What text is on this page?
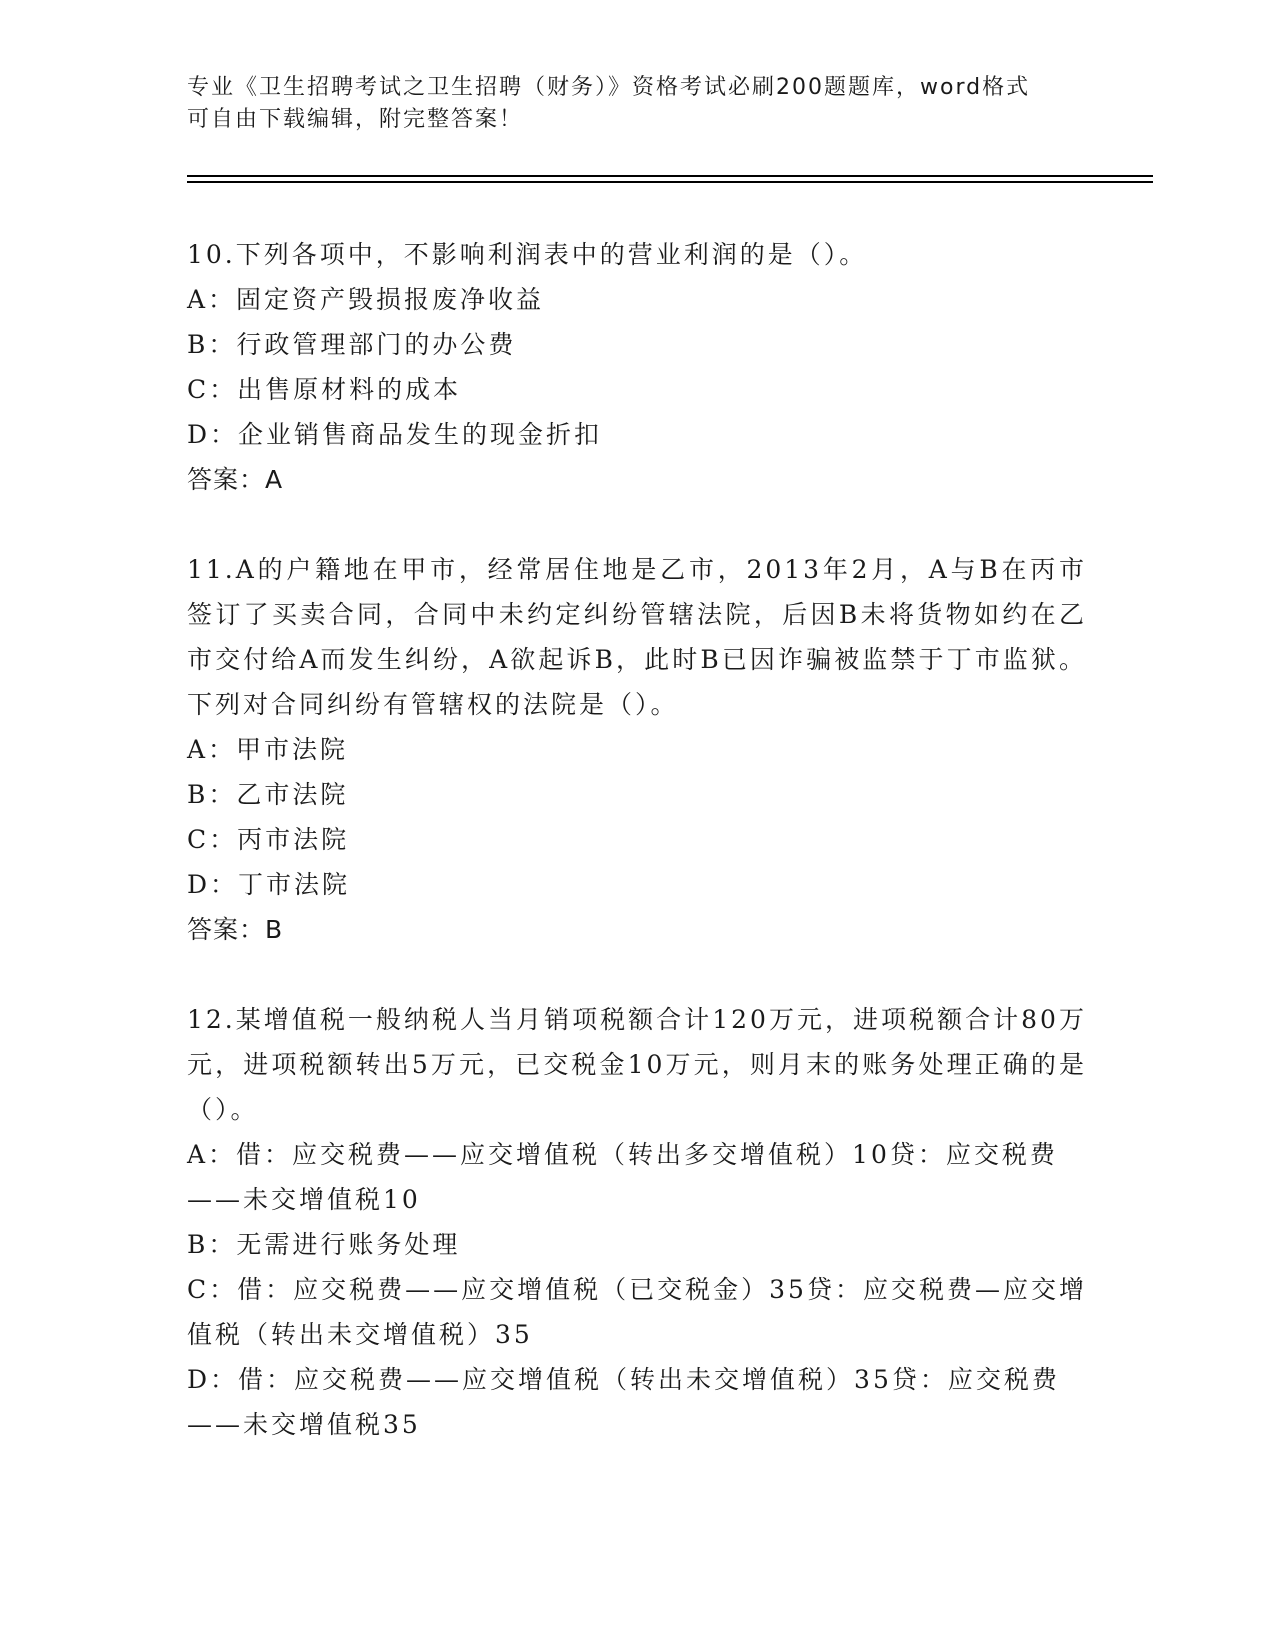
专业《卫生招聘考试之卫生招聘（财务）》资格考试必刷200题题库，word格式
可自由下载编辑，附完整答案！
10.下列各项中，不影响利润表中的营业利润的是（）。
A：固定资产毁损报废净收益
B：行政管理部门的办公费
C：出售原材料的成本
D：企业销售商品发生的现金折扣
答案：A
11.A的户籍地在甲市，经常居住地是乙市，2013年2月，A与B在丙市签订了买卖合同，合同中未约定纠纷管辖法院，后因B未将货物如约在乙市交付给A而发生纠纷，A欲起诉B，此时B已因诈骗被监禁于丁市监狱。下列对合同纠纷有管辖权的法院是（）。
A：甲市法院
B：乙市法院
C：丙市法院
D：丁市法院
答案：B
12.某增值税一般纳税人当月销项税额合计120万元，进项税额合计80万元，进项税额转出5万元，已交税金10万元，则月末的账务处理正确的是（）。
A：借：应交税费——应交增值税（转出多交增值税）10贷：应交税费——未交增值税10
B：无需进行账务处理
C：借：应交税费——应交增值税（已交税金）35贷：应交税费—应交增值税（转出未交增值税）35
D：借：应交税费——应交增值税（转出未交增值税）35贷：应交税费——未交增值税35
